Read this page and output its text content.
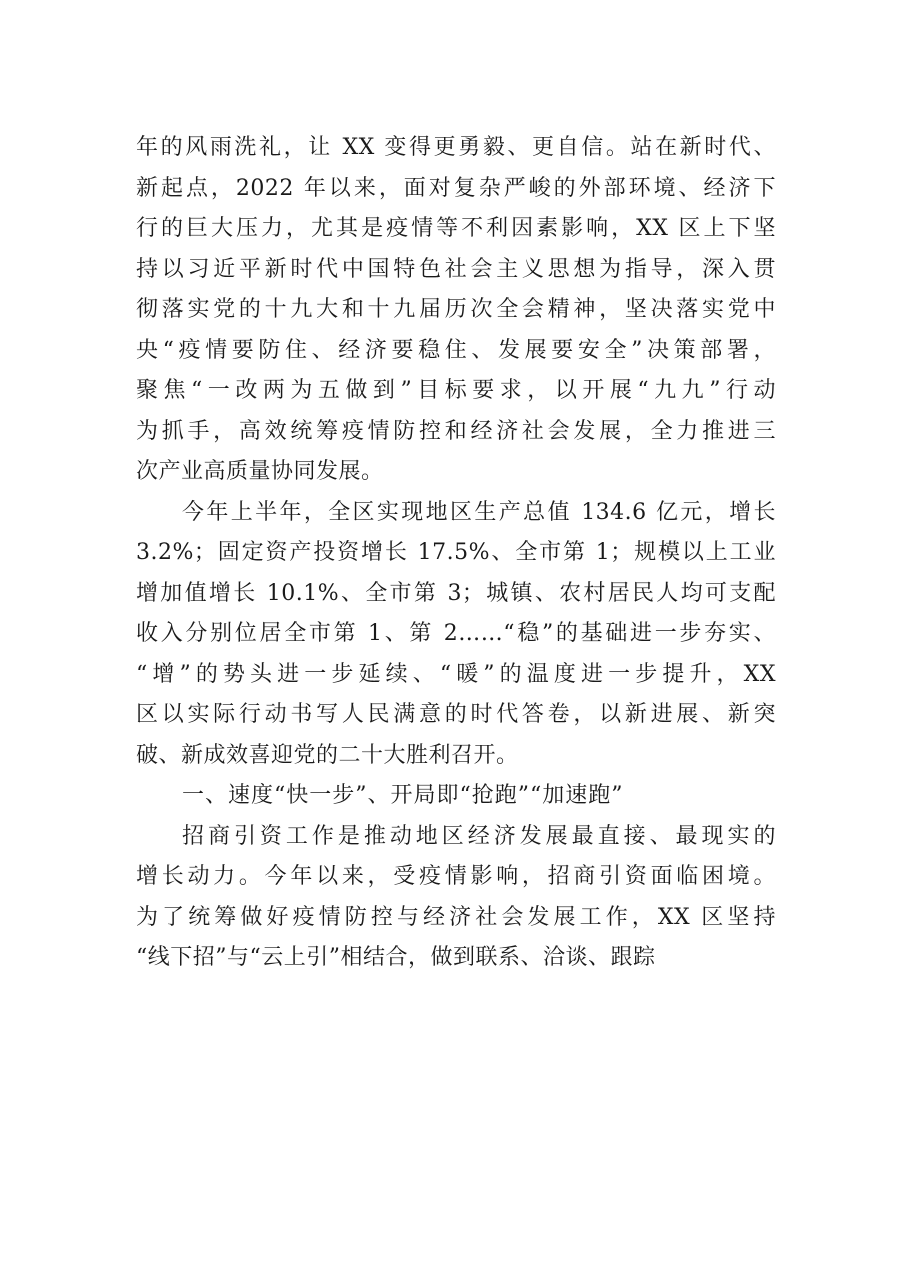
年的风雨洗礼，让 XX 变得更勇毅、更自信。站在新时代、
新起点，2022 年以来，面对复杂严峻的外部环境、经济下
行的巨大压力，尤其是疫情等不利因素影响，XX 区上下坚
持以习近平新时代中国特色社会主义思想为指导，深入贯
彻落实党的十九大和十九届历次全会精神，坚决落实党中
央“疫情要防住、经济要稳住、发展要安全”决策部署，
聚焦“一改两为五做到”目标要求，以开展“九九”行动
为抓手，高效统筹疫情防控和经济社会发展，全力推进三
次产业高质量协同发展。
今年上半年，全区实现地区生产总值 134.6 亿元，增长
3.2%；固定资产投资增长 17.5%、全市第 1；规模以上工业
增加值增长 10.1%、全市第 3；城镇、农村居民人均可支配
收入分别位居全市第 1、第 2……“稳”的基础进一步夯实、
“增”的势头进一步延续、“暖”的温度进一步提升，XX
区以实际行动书写人民满意的时代答卷，以新进展、新突
破、新成效喜迎党的二十大胜利召开。
一、速度“快一步”、开局即“抢跑”“加速跑”
招商引资工作是推动地区经济发展最直接、最现实的
增长动力。今年以来，受疫情影响，招商引资面临困境。
为了统筹做好疫情防控与经济社会发展工作，XX 区坚持
“线下招”与“云上引”相结合，做到联系、洽谈、跟踪
